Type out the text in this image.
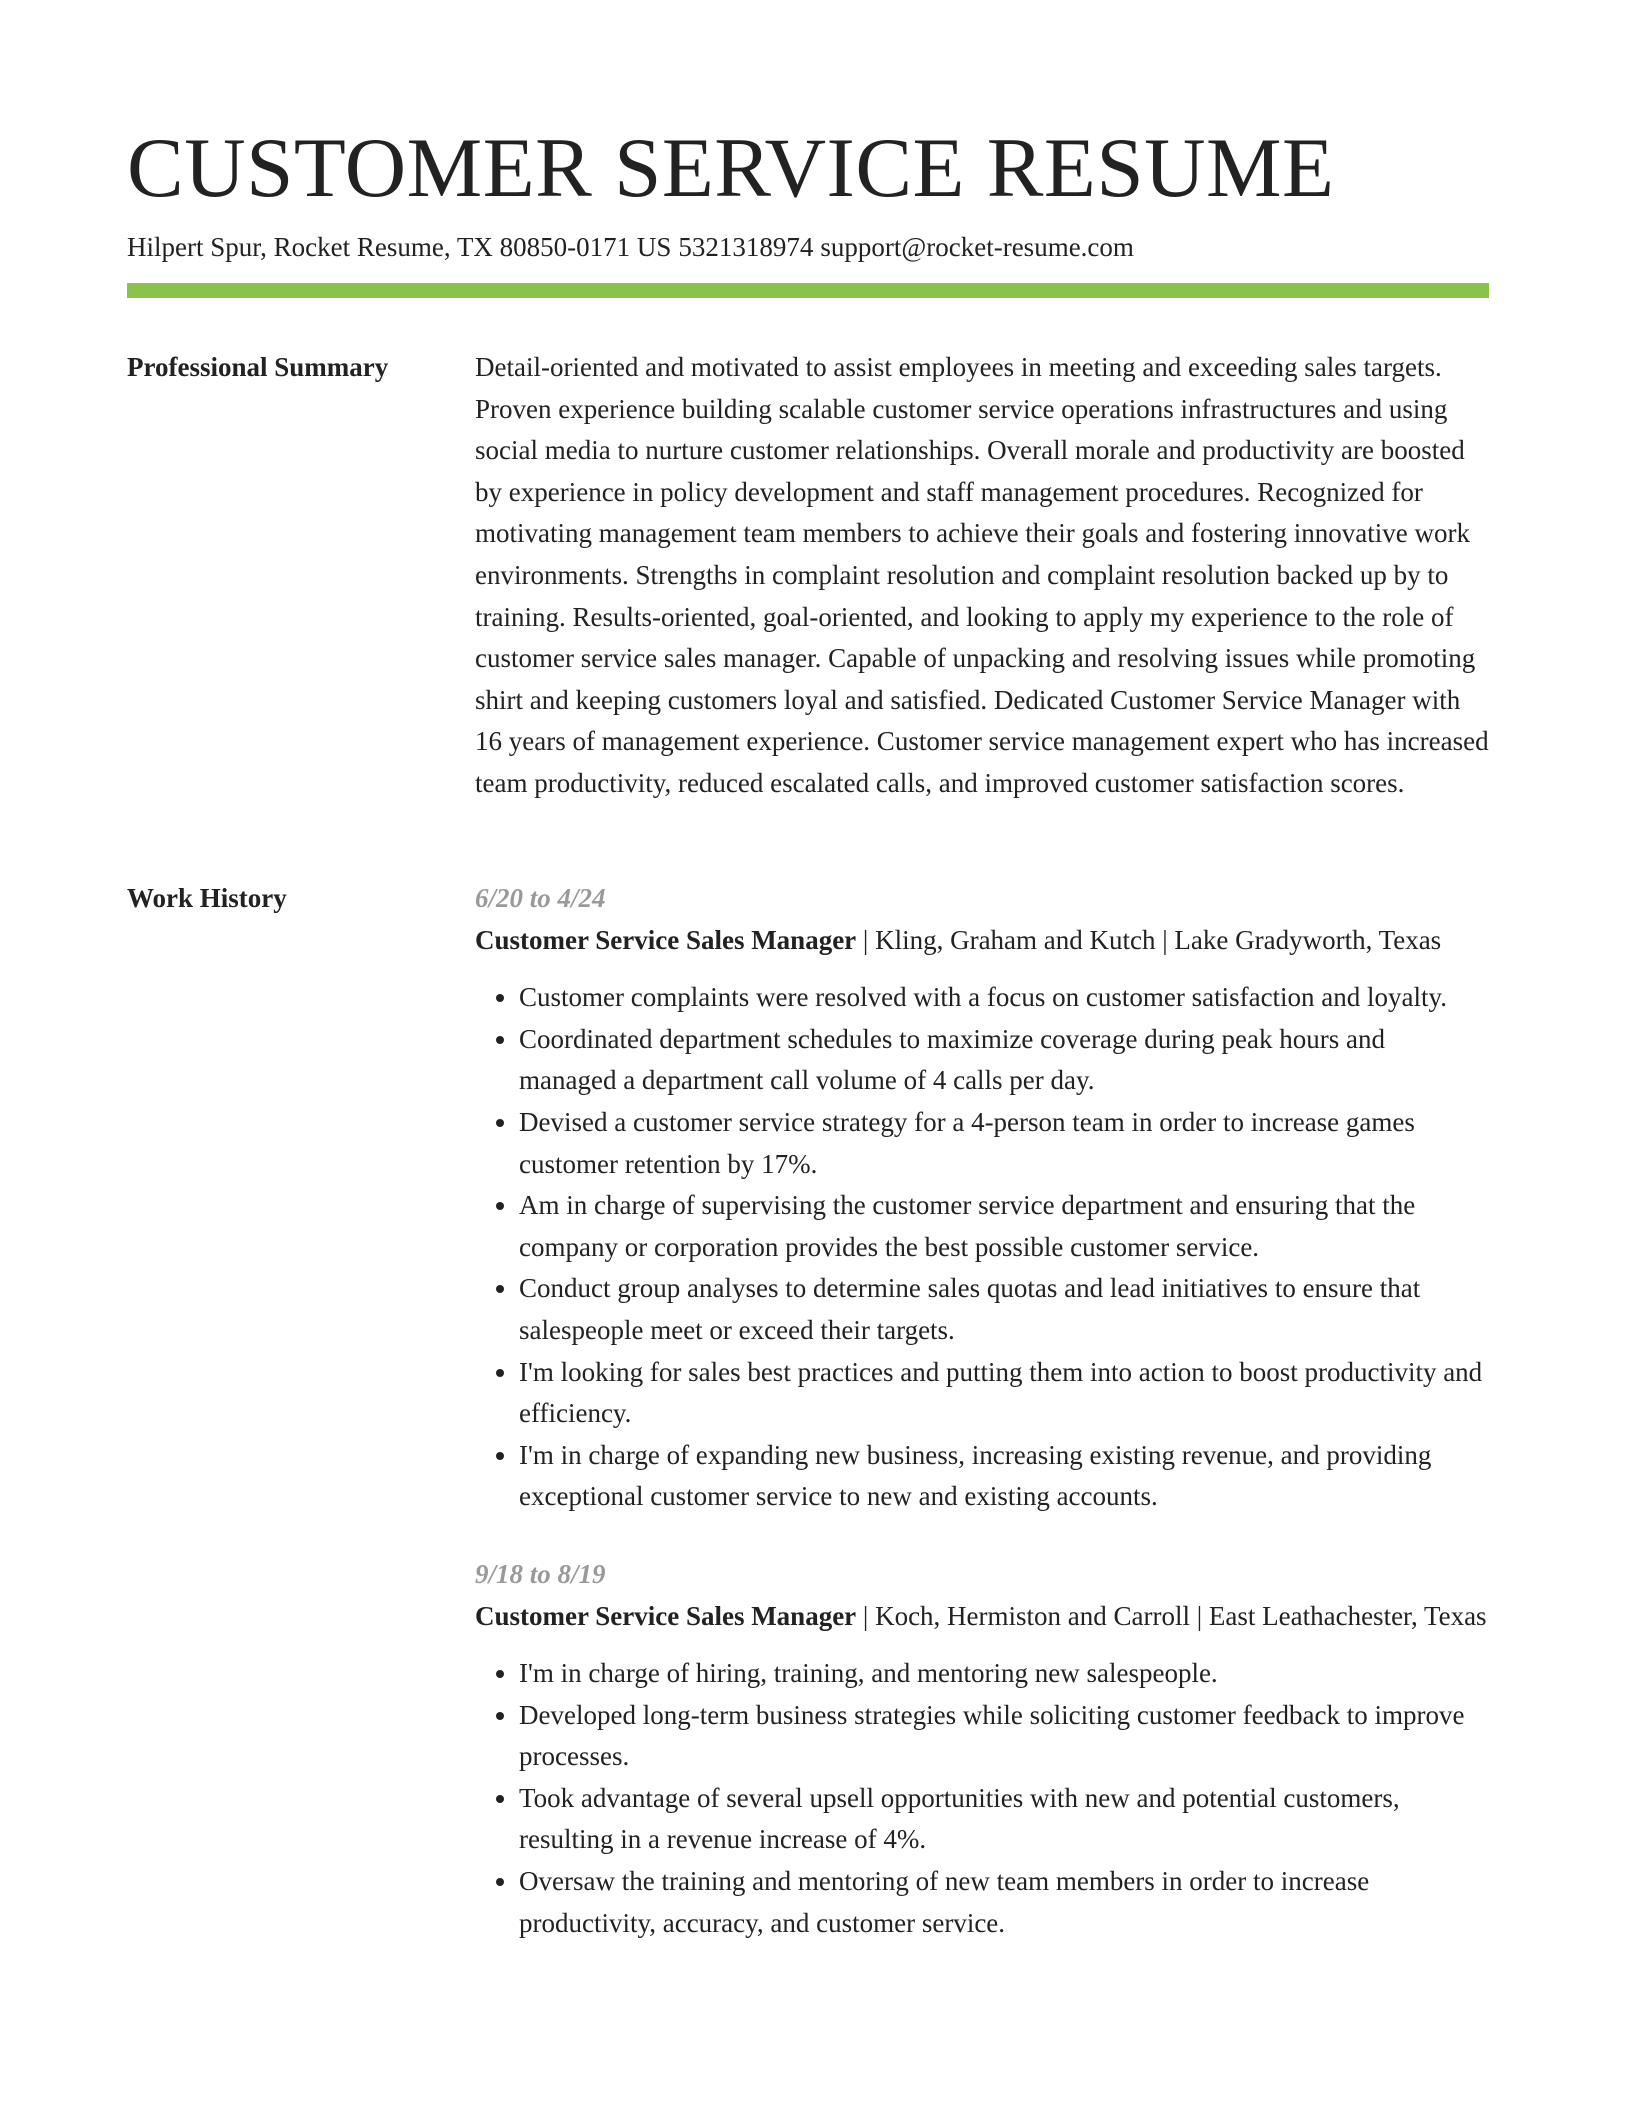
CUSTOMER SERVICE RESUME
Hilpert Spur, Rocket Resume, TX 80850-0171 US 5321318974 support@rocket-resume.com
Professional Summary	Detail-oriented and motivated to assist employees in meeting and exceeding sales targets. Proven experience building scalable customer service operations infrastructures and using social media to nurture customer relationships. Overall morale and productivity are boosted by experience in policy development and staff management procedures. Recognized for motivating management team members to achieve their goals and fostering innovative work environments. Strengths in complaint resolution and complaint resolution backed up by to training. Results-oriented, goal-oriented, and looking to apply my experience to the role of customer service sales manager. Capable of unpacking and resolving issues while promoting shirt and keeping customers loyal and satisfied. Dedicated Customer Service Manager with 16 years of management experience. Customer service management expert who has increased team productivity, reduced escalated calls, and improved customer satisfaction scores.

Work History	6/20 to 4/24
Customer Service Sales Manager | Kling, Graham and Kutch | Lake Gradyworth, Texas
• Customer complaints were resolved with a focus on customer satisfaction and loyalty.
• Coordinated department schedules to maximize coverage during peak hours and managed a department call volume of 4 calls per day.
• Devised a customer service strategy for a 4-person team in order to increase games customer retention by 17%.
• Am in charge of supervising the customer service department and ensuring that the company or corporation provides the best possible customer service.
• Conduct group analyses to determine sales quotas and lead initiatives to ensure that salespeople meet or exceed their targets.
• I'm looking for sales best practices and putting them into action to boost productivity and efficiency.
• I'm in charge of expanding new business, increasing existing revenue, and providing exceptional customer service to new and existing accounts.
9/18 to 8/19
Customer Service Sales Manager | Koch, Hermiston and Carroll | East Leathachester, Texas
• I'm in charge of hiring, training, and mentoring new salespeople.
• Developed long-term business strategies while soliciting customer feedback to improve processes.
• Took advantage of several upsell opportunities with new and potential customers, resulting in a revenue increase of 4%.
• Oversaw the training and mentoring of new team members in order to increase productivity, accuracy, and customer service.
